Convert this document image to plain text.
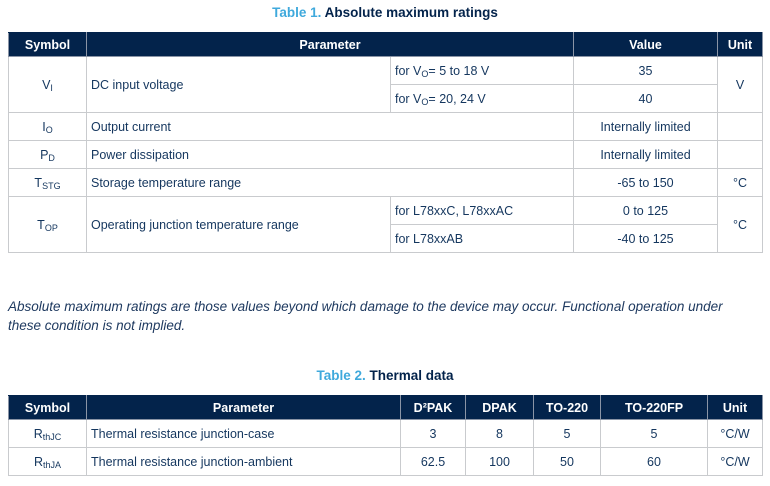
Table 1. Absolute maximum ratings
Symbol	Parameter		Value	Unit
$V_I$	DC input voltage	for $V_O= 5$ to 18 V	35	V
		for $V_O= 20$, 24 V	40	
$I_O$	Output current		Internally limited	
$P_D$	Power dissipation		Internally limited	
$T_{STG}$	Storage temperature range		-65 to 150	°C
$T_{OP}$	Operating junction temperature range	for L78xxC, L78xxAC	0 to 125	°C
		for L78xxAB	-40 to 125	
Absolute maximum ratings are those values beyond which damage to the device may occur. Functional operation under these condition is not implied.
Table 2. Thermal data
Symbol	Parameter	D²PAK	DPAK	TO-220	TO-220FP	Unit
$R_{thJC}$	Thermal resistance junction-case	3	8	5	5	°C/W
$R_{thJA}$	Thermal resistance junction-ambient	62.5	100	50	60	°C/W
